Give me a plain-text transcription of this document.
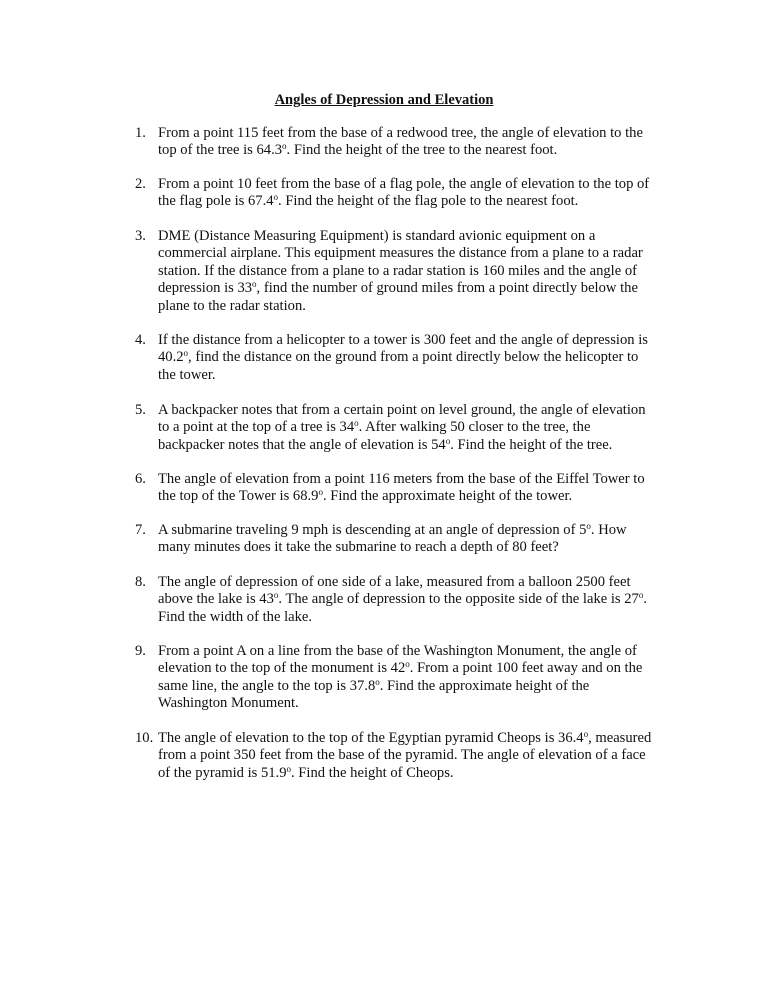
Angles of Depression and Elevation
1. From a point 115 feet from the base of a redwood tree, the angle of elevation to the top of the tree is 64.3$^o$. Find the height of the tree to the nearest foot.
2. From a point 10 feet from the base of a flag pole, the angle of elevation to the top of the flag pole is 67.4$^o$. Find the height of the flag pole to the nearest foot.
3. DME (Distance Measuring Equipment) is standard avionic equipment on a commercial airplane. This equipment measures the distance from a plane to a radar station. If the distance from a plane to a radar station is 160 miles and the angle of depression is 33$^o$, find the number of ground miles from a point directly below the plane to the radar station.
4. If the distance from a helicopter to a tower is 300 feet and the angle of depression is 40.2$^o$, find the distance on the ground from a point directly below the helicopter to the tower.
5. A backpacker notes that from a certain point on level ground, the angle of elevation to a point at the top of a tree is 34$^o$. After walking 50 closer to the tree, the backpacker notes that the angle of elevation is 54$^o$. Find the height of the tree.
6. The angle of elevation from a point 116 meters from the base of the Eiffel Tower to the top of the Tower is 68.9$^o$. Find the approximate height of the tower.
7. A submarine traveling 9 mph is descending at an angle of depression of 5$^o$. How many minutes does it take the submarine to reach a depth of 80 feet?
8. The angle of depression of one side of a lake, measured from a balloon 2500 feet above the lake is 43$^o$. The angle of depression to the opposite side of the lake is 27$^o$. Find the width of the lake.
9. From a point A on a line from the base of the Washington Monument, the angle of elevation to the top of the monument is 42$^o$. From a point 100 feet away and on the same line, the angle to the top is 37.8$^o$. Find the approximate height of the Washington Monument.
10. The angle of elevation to the top of the Egyptian pyramid Cheops is 36.4$^o$, measured from a point 350 feet from the base of the pyramid. The angle of elevation of a face of the pyramid is 51.9$^o$. Find the height of Cheops.
